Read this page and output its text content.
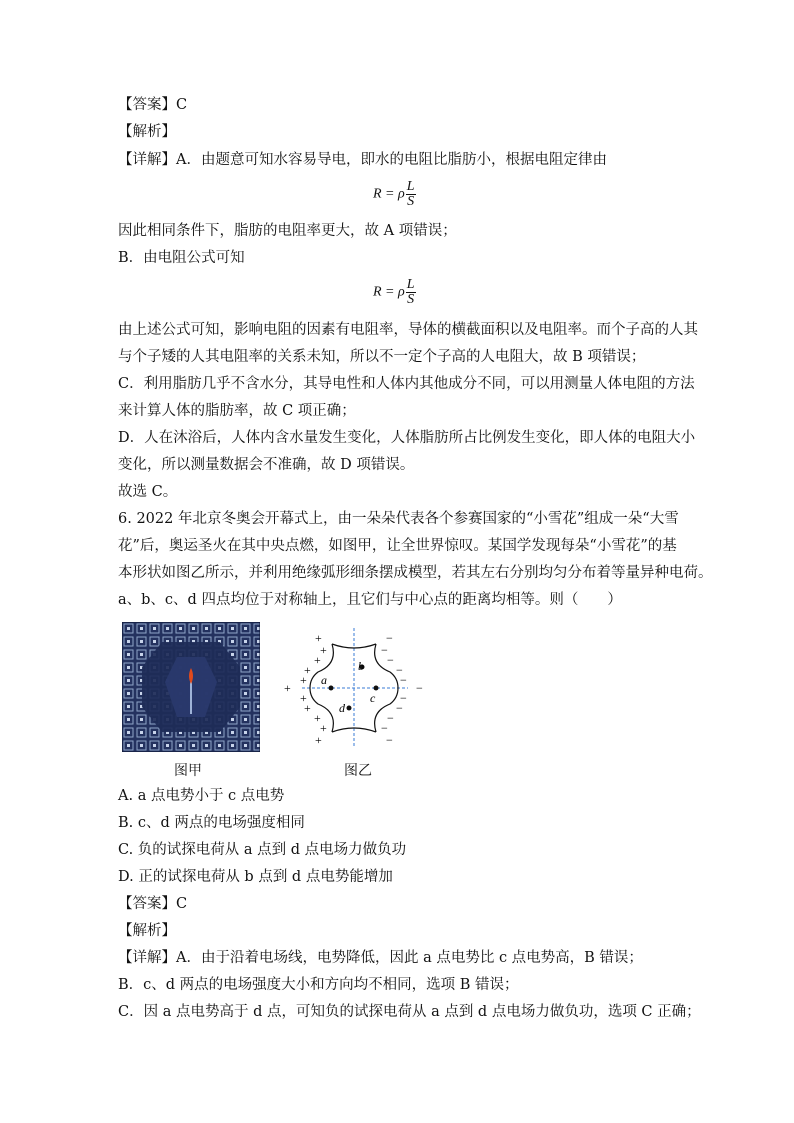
【答案】C
【解析】
【详解】A．由题意可知水容易导电，即水的电阻比脂肪小，根据电阻定律由
R = ρ $\frac{L}{S}$
因此相同条件下，脂肪的电阻率更大，故 A 项错误；
B．由电阻公式可知
R = ρ $\frac{L}{S}$
由上述公式可知，影响电阻的因素有电阻率，导体的横截面积以及电阻率。而个子高的人其
与个子矮的人其电阻率的关系未知，所以不一定个子高的人电阻大，故 B 项错误；
C．利用脂肪几乎不含水分，其导电性和人体内其他成分不同，可以用测量人体电阻的方法
来计算人体的脂肪率，故 C 项正确；
D．人在沐浴后，人体内含水量发生变化，人体脂肪所占比例发生变化，即人体的电阻大小
变化，所以测量数据会不准确，故 D 项错误。
故选 C。
6. 2022 年北京冬奥会开幕式上，由一朵朵代表各个参赛国家的“小雪花”组成一朵“大雪
花”后，奥运圣火在其中央点燃，如图甲，让全世界惊叹。某国学发现每朵“小雪花”的基
本形状如图乙所示，并利用绝缘弧形细条摆成模型，若其左右分别均匀分布着等量异种电荷。
a、b、c、d 四点均位于对称轴上，且它们与中心点的距离均相等。则（　　）
图甲
a
b
c
d
+
+
+
+
+
+
+
+
+
+
+
−
−
−
−
−
−
−
−
−
−
−
图乙
A. a 点电势小于 c 点电势
B. c、d 两点的电场强度相同
C. 负的试探电荷从 a 点到 d 点电场力做负功
D. 正的试探电荷从 b 点到 d 点电势能增加
【答案】C
【解析】
【详解】A．由于沿着电场线，电势降低，因此 a 点电势比 c 点电势高，B 错误；
B．c、d 两点的电场强度大小和方向均不相同，选项 B 错误；
C．因 a 点电势高于 d 点，可知负的试探电荷从 a 点到 d 点电场力做负功，选项 C 正确；
